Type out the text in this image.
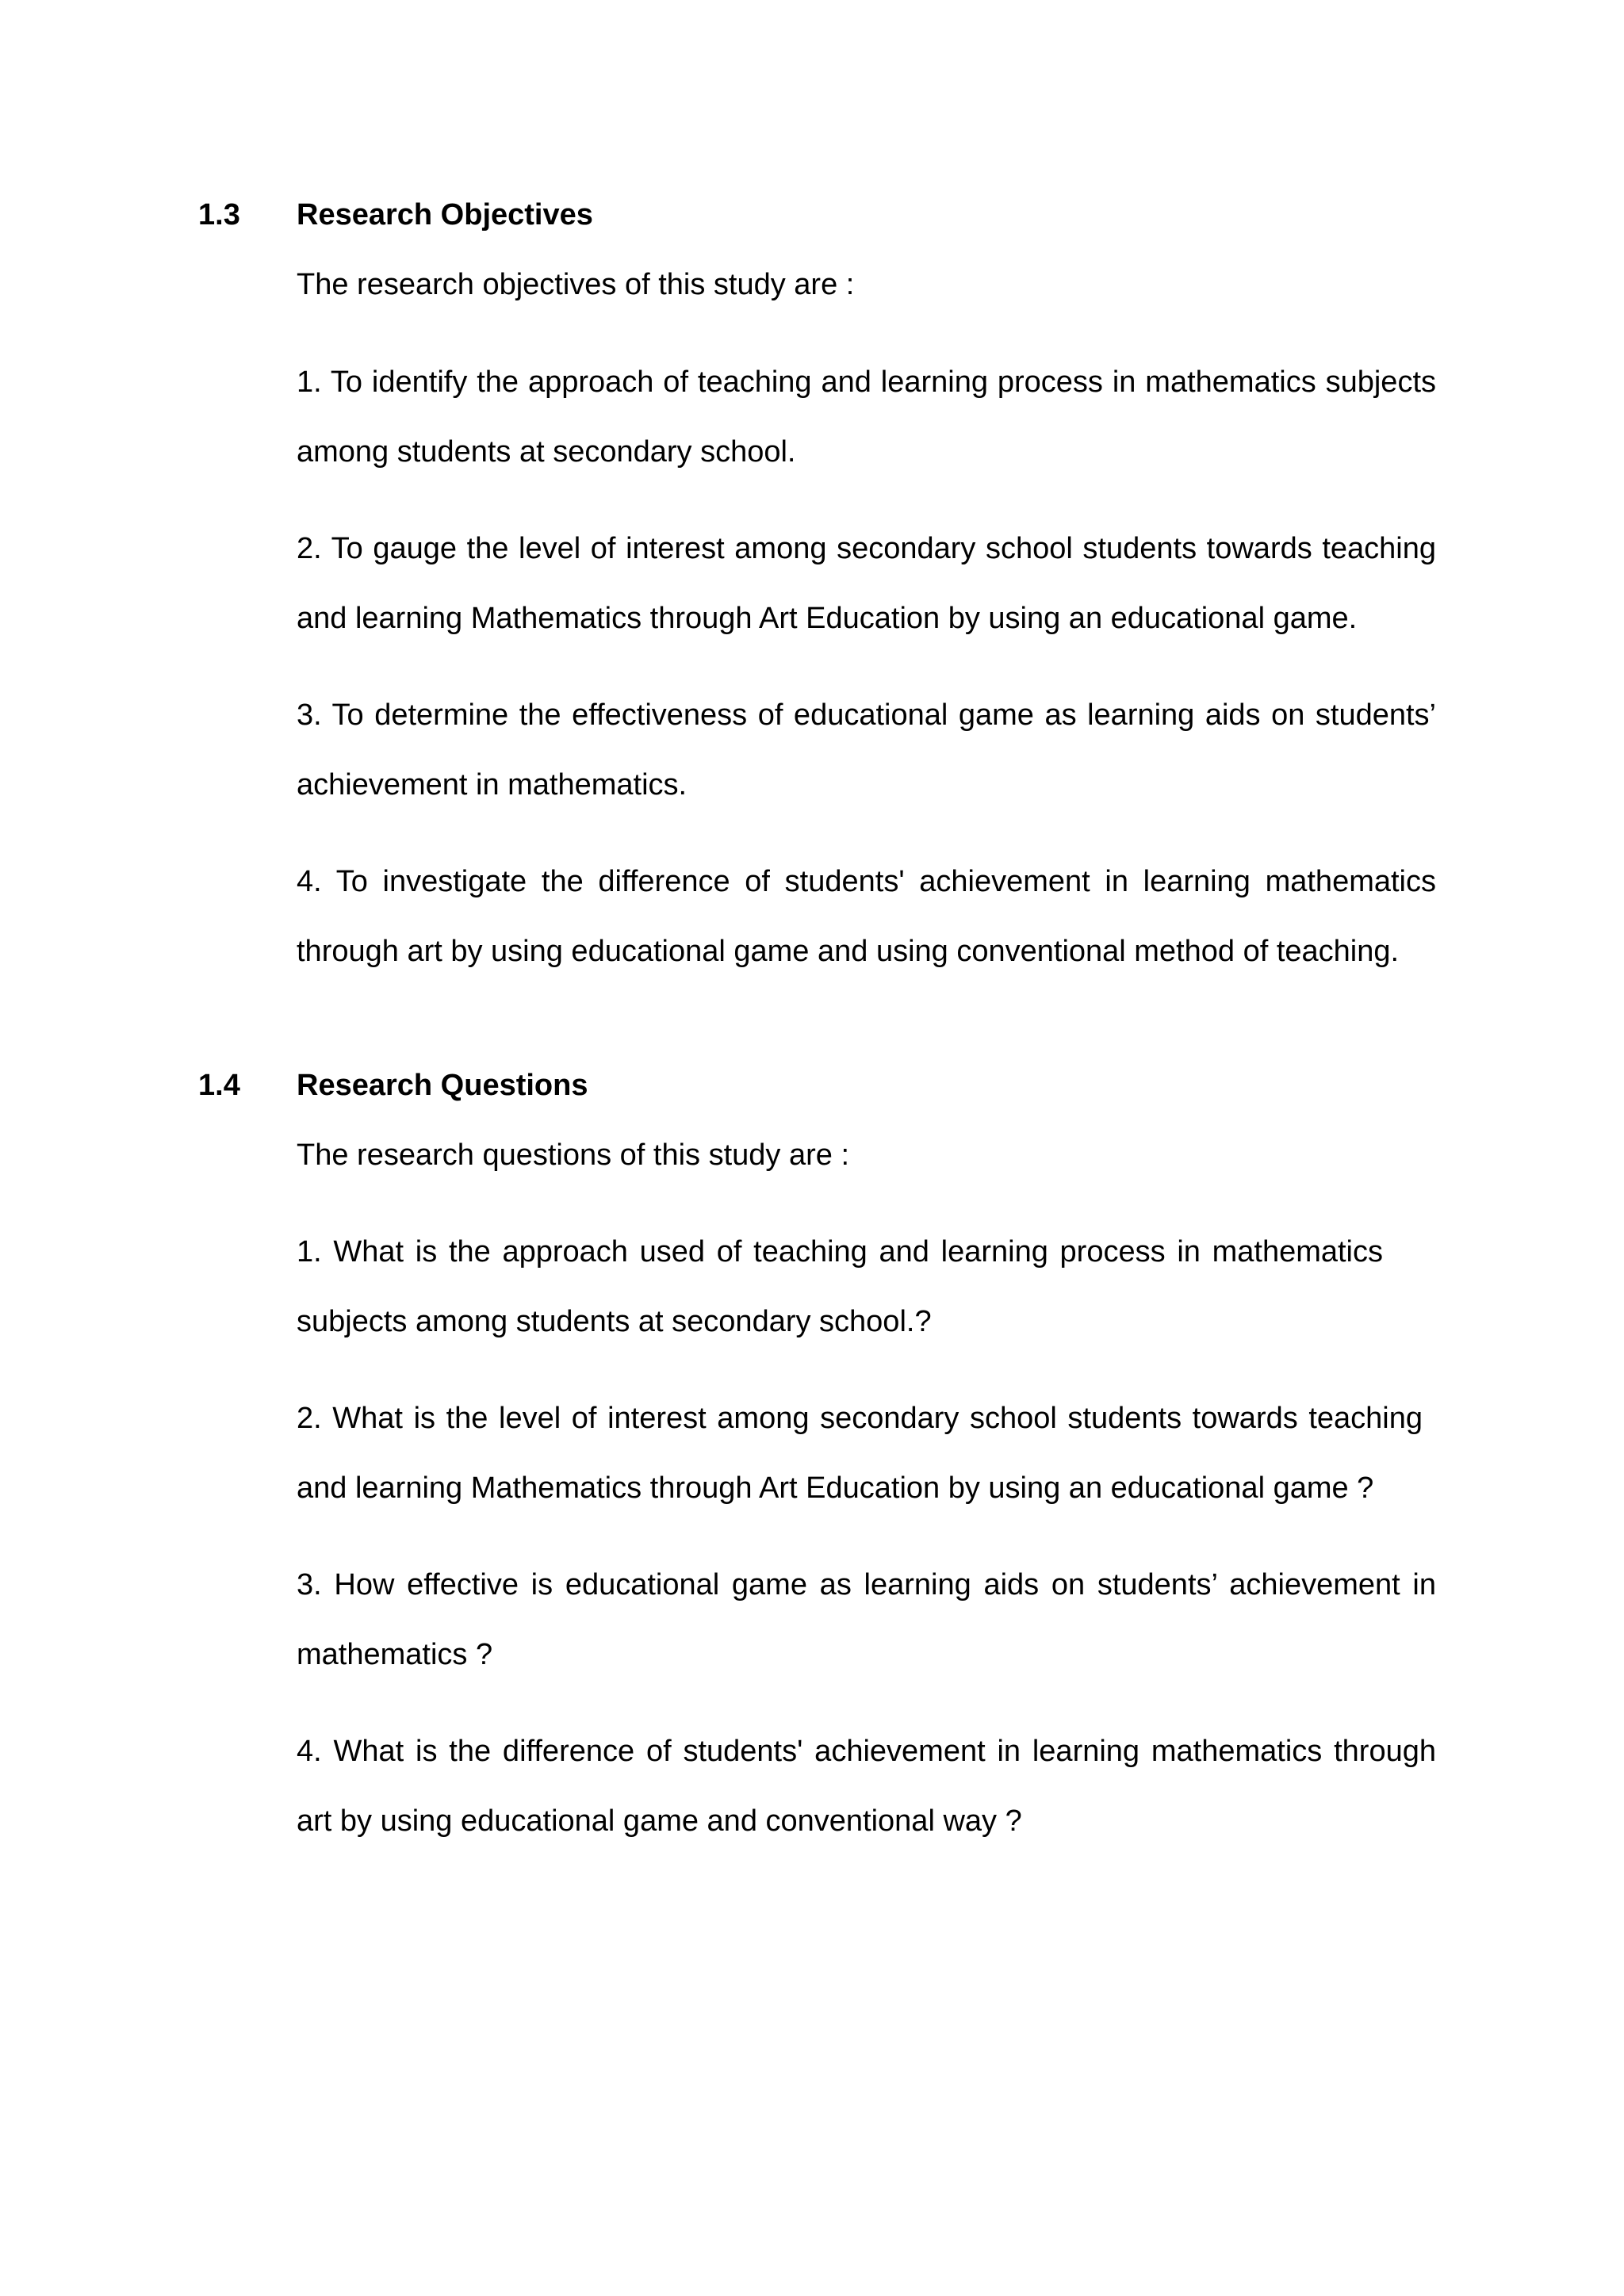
1.3 Research Objectives
The research objectives of this study are :

1. To identify the approach of teaching and learning process in mathematics subjects among students at secondary school.

2. To gauge the level of interest among secondary school students towards teaching and learning Mathematics through Art Education by using an educational game.

3. To determine the effectiveness of educational game as learning aids on students’ achievement in mathematics.

4. To investigate the difference of students' achievement in learning mathematics through art by using educational game and using conventional method of teaching.

1.4 Research Questions
The research questions of this study are :

1. What is the approach used of teaching and learning process in mathematics subjects among students at secondary school.?

2. What is the level of interest among secondary school students towards teaching and learning Mathematics through Art Education by using an educational game ?

3. How effective is educational game as learning aids on students’ achievement in mathematics ?

4. What is the difference of students' achievement in learning mathematics through art by using educational game and conventional way ?
